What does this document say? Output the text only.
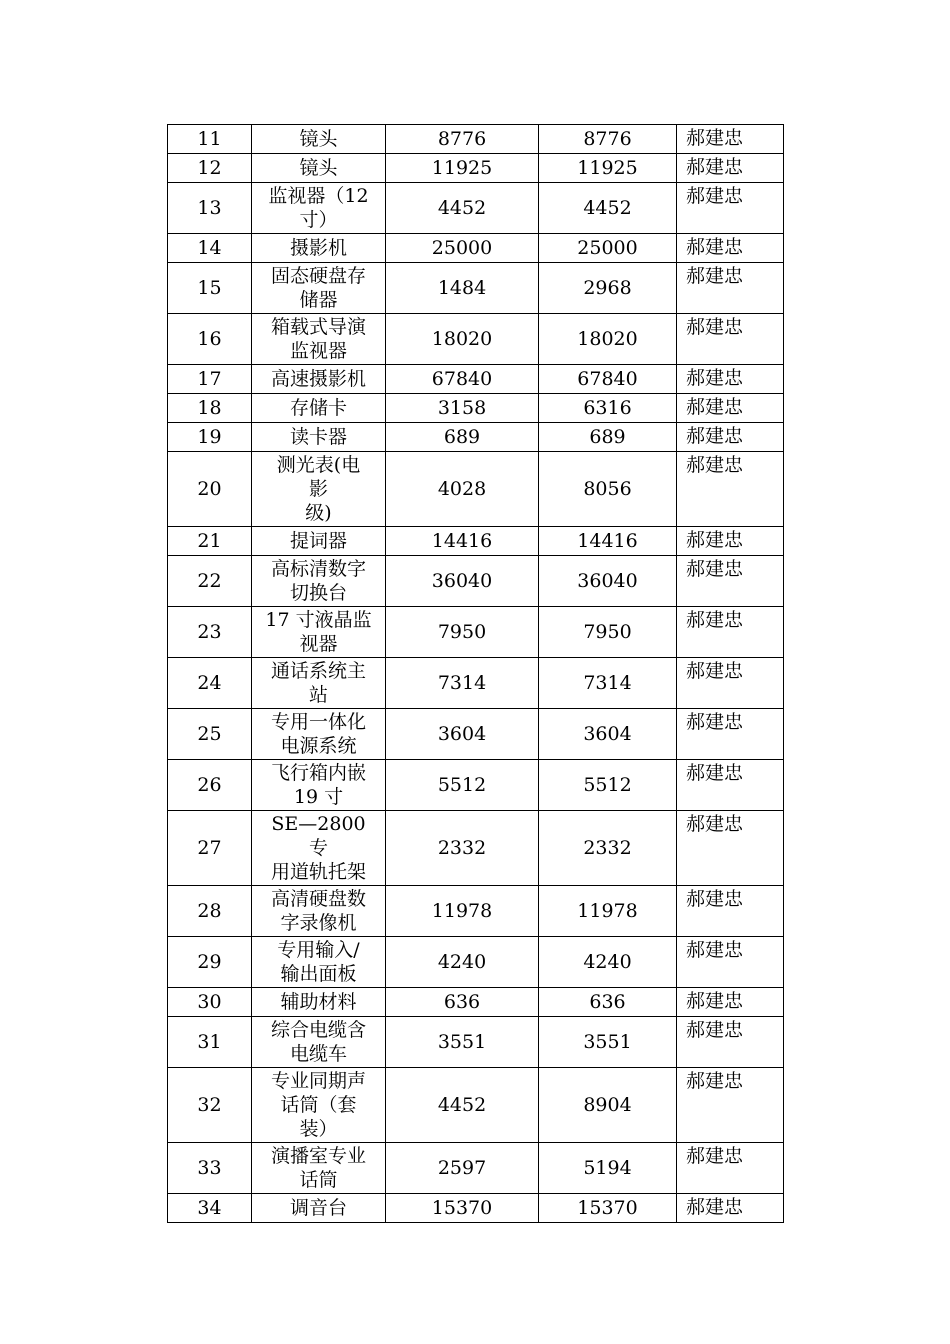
11	镜头	8776	8776	郝建忠
12	镜头	11925	11925	郝建忠
13	监视器（12
寸）	4452	4452	郝建忠
14	摄影机	25000	25000	郝建忠
15	固态硬盘存
储器	1484	2968	郝建忠
16	箱载式导演
监视器	18020	18020	郝建忠
17	高速摄影机	67840	67840	郝建忠
18	存储卡	3158	6316	郝建忠
19	读卡器	689	689	郝建忠
20	测光表(电
影
级)	4028	8056	郝建忠
21	提词器	14416	14416	郝建忠
22	高标清数字
切换台	36040	36040	郝建忠
23	17 寸液晶监
视器	7950	7950	郝建忠
24	通话系统主
站	7314	7314	郝建忠
25	专用一体化
电源系统	3604	3604	郝建忠
26	飞行箱内嵌
19 寸	5512	5512	郝建忠
27	SE—2800 专
用道轨托架	2332	2332	郝建忠
28	高清硬盘数
字录像机	11978	11978	郝建忠
29	专用输入/
输出面板	4240	4240	郝建忠
30	辅助材料	636	636	郝建忠
31	综合电缆含
电缆车	3551	3551	郝建忠
32	专业同期声
话筒（套
装）	4452	8904	郝建忠
33	演播室专业
话筒	2597	5194	郝建忠
34	调音台	15370	15370	郝建忠
